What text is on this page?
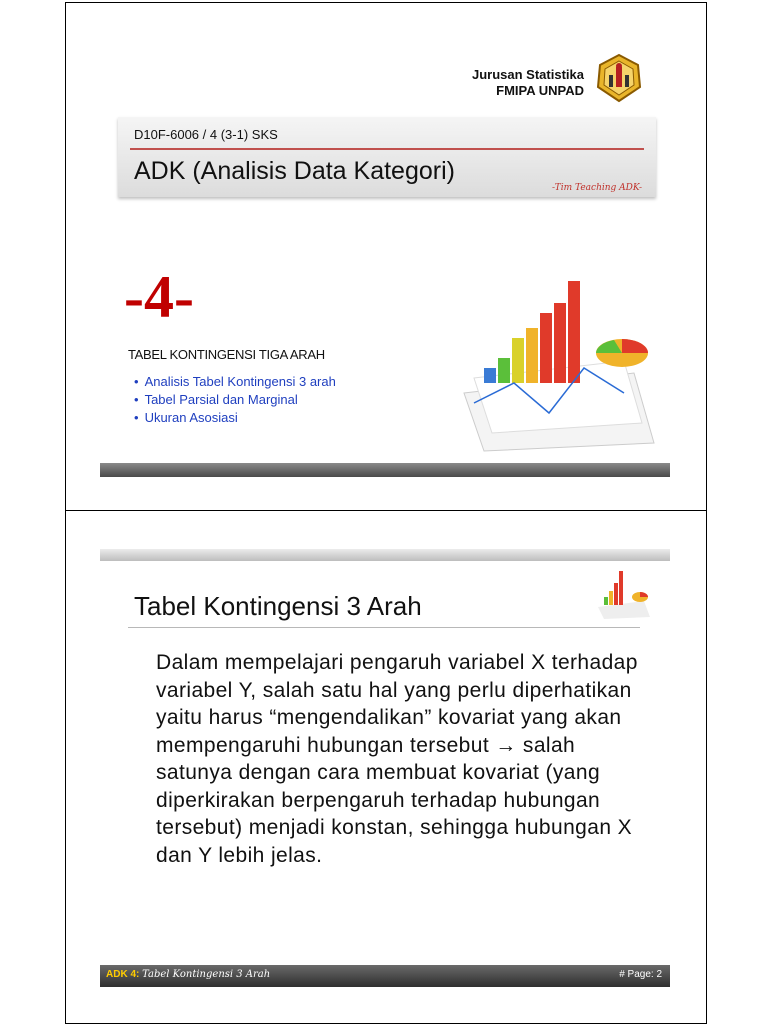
Jurusan Statistika
FMIPA UNPAD
D10F-6006 / 4 (3-1) SKS
ADK (Analisis Data Kategori)
-Tim Teaching ADK-
-4-
TABEL KONTINGENSI TIGA ARAH
• Analisis Tabel Kontingensi 3 arah
• Tabel Parsial dan Marginal
• Ukuran Asosiasi
Tabel Kontingensi 3 Arah

Dalam mempelajari pengaruh variabel X terhadap variabel Y, salah satu hal yang perlu diperhatikan yaitu harus “mengendalikan” kovariat yang akan mempengaruhi hubungan tersebut → salah satunya dengan cara membuat kovariat (yang diperkirakan berpengaruh terhadap hubungan tersebut) menjadi konstan, sehingga hubungan X dan Y lebih jelas.

ADK 4: Tabel Kontingensi 3 Arah	# Page: 2
